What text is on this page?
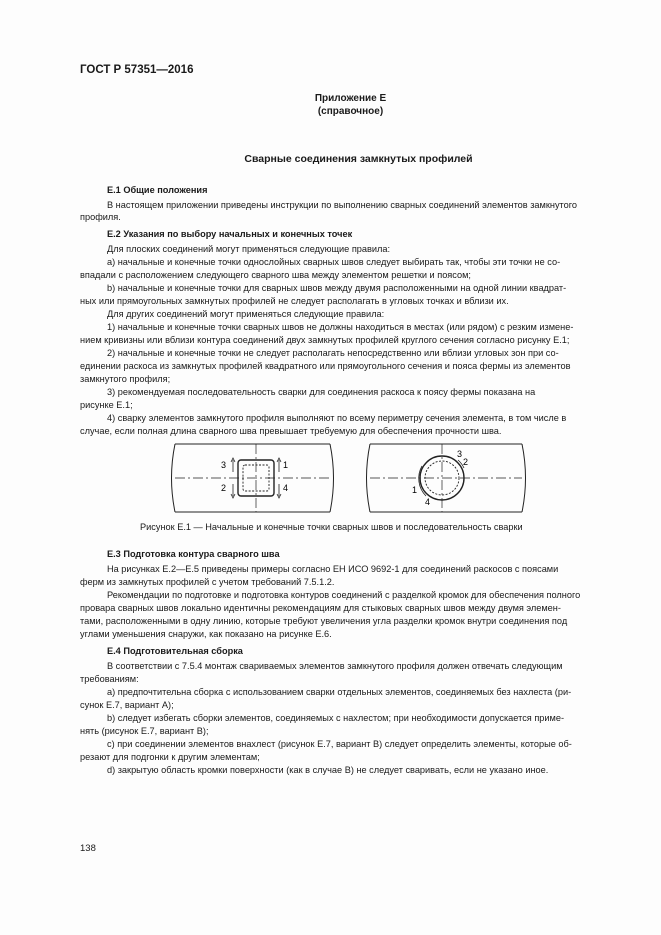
ГОСТ Р 57351—2016
Приложение Е
(справочное)
Сварные соединения замкнутых профилей
Е.1 Общие положения
В настоящем приложении приведены инструкции по выполнению сварных соединений элементов замкнутого
профиля.
Е.2 Указания по выбору начальных и конечных точек
Для плоских соединений могут применяться следующие правила:
а) начальные и конечные точки однослойных сварных швов следует выбирать так, чтобы эти точки не со-
впадали с расположением следующего сварного шва между элементом решетки и поясом;
b) начальные и конечные точки для сварных швов между двумя расположенными на одной линии квадрат-
ных или прямоугольных замкнутых профилей не следует располагать в угловых точках и вблизи их.
Для других соединений могут применяться следующие правила:
1) начальные и конечные точки сварных швов не должны находиться в местах (или рядом) с резким измене-
нием кривизны или вблизи контура соединений двух замкнутых профилей круглого сечения согласно рисунку Е.1;
2) начальные и конечные точки не следует располагать непосредственно или вблизи угловых зон при со-
единении раскоса из замкнутых профилей квадратного или прямоугольного сечения и пояса фермы из элементов
замкнутого профиля;
3) рекомендуемая последовательность сварки для соединения раскоса к поясу фермы показана на
рисунке Е.1;
4) сварку элементов замкнутого профиля выполняют по всему периметру сечения элемента, в том числе в
случае, если полная длина сварного шва превышает требуемую для обеспечения прочности шва.
3	1
2	4
3
2
1
4
Рисунок Е.1 — Начальные и конечные точки сварных швов и последовательность сварки
Е.3 Подготовка контура сварного шва
На рисунках Е.2—Е.5 приведены примеры согласно ЕН ИСО 9692-1 для соединений раскосов с поясами
ферм из замкнутых профилей с учетом требований 7.5.1.2.
Рекомендации по подготовке и подготовка контуров соединений с разделкой кромок для обеспечения полного
провара сварных швов локально идентичны рекомендациям для стыковых сварных швов между двумя элемен-
тами, расположенными в одну линию, которые требуют увеличения угла разделки кромок внутри соединения под
углами уменьшения снаружи, как показано на рисунке Е.6.
Е.4 Подготовительная сборка
В соответствии с 7.5.4 монтаж свариваемых элементов замкнутого профиля должен отвечать следующим
требованиям:
а) предпочтительна сборка с использованием сварки отдельных элементов, соединяемых без нахлеста (ри-
сунок Е.7, вариант А);
b) следует избегать сборки элементов, соединяемых с нахлестом; при необходимости допускается приме-
нять (рисунок Е.7, вариант В);
с) при соединении элементов внахлест (рисунок Е.7, вариант В) следует определить элементы, которые об-
резают для подгонки к другим элементам;
d) закрытую область кромки поверхности (как в случае В) не следует сваривать, если не указано иное.
138
